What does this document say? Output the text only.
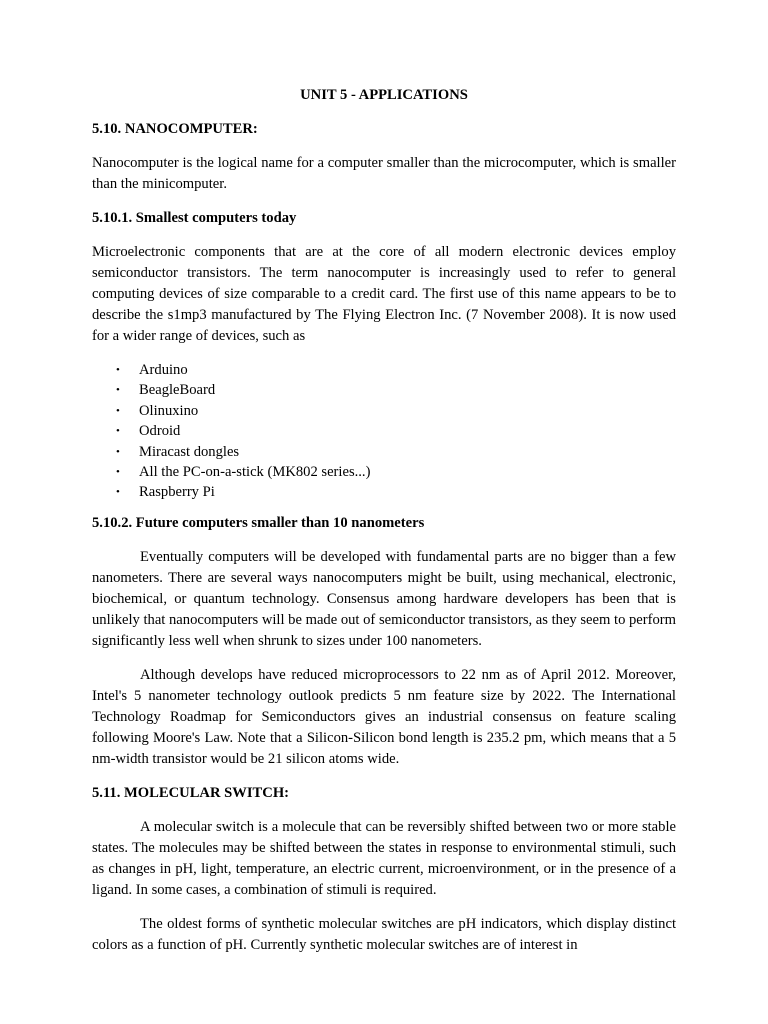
UNIT 5 - APPLICATIONS
5.10. NANOCOMPUTER:

Nanocomputer is the logical name for a computer smaller than the microcomputer, which is smaller than the minicomputer.

5.10.1. Smallest computers today

Microelectronic components that are at the core of all modern electronic devices employ semiconductor transistors. The term nanocomputer is increasingly used to refer to general computing devices of size comparable to a credit card. The first use of this name appears to be to describe the s1mp3 manufactured by The Flying Electron Inc. (7 November 2008). It is now used for a wider range of devices, such as

• Arduino
• BeagleBoard
• Olinuxino
• Odroid
• Miracast dongles
• All the PC-on-a-stick (MK802 series...)
• Raspberry Pi
5.10.2. Future computers smaller than 10 nanometers

Eventually computers will be developed with fundamental parts are no bigger than a few nanometers. There are several ways nanocomputers might be built, using mechanical, electronic, biochemical, or quantum technology. Consensus among hardware developers has been that is unlikely that nanocomputers will be made out of semiconductor transistors, as they seem to perform significantly less well when shrunk to sizes under 100 nanometers.

Although develops have reduced microprocessors to 22 nm as of April 2012. Moreover, Intel's 5 nanometer technology outlook predicts 5 nm feature size by 2022. The International Technology Roadmap for Semiconductors gives an industrial consensus on feature scaling following Moore's Law. Note that a Silicon-Silicon bond length is 235.2 pm, which means that a 5 nm-width transistor would be 21 silicon atoms wide.

5.11. MOLECULAR SWITCH:

A molecular switch is a molecule that can be reversibly shifted between two or more stable states. The molecules may be shifted between the states in response to environmental stimuli, such as changes in pH, light, temperature, an electric current, microenvironment, or in the presence of a ligand. In some cases, a combination of stimuli is required.

The oldest forms of synthetic molecular switches are pH indicators, which display distinct colors as a function of pH. Currently synthetic molecular switches are of interest in
